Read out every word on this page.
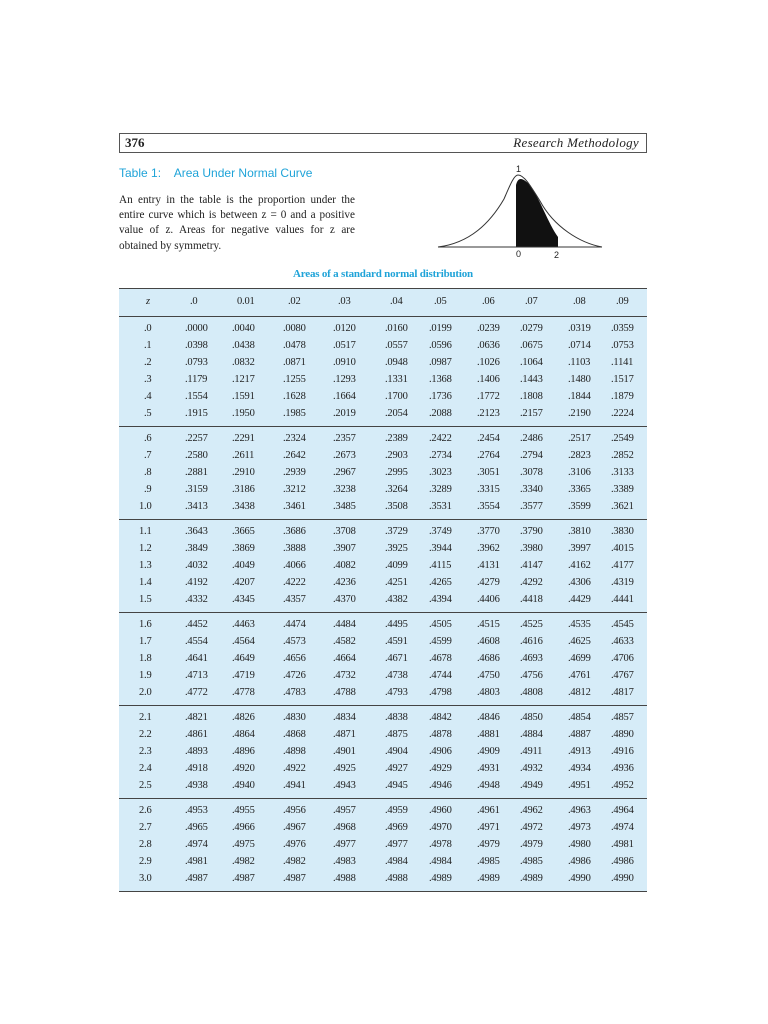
376	Research Methodology
Table 1: Area Under Normal Curve
An entry in the table is the proportion under the entire curve which is between z = 0 and a positive value of z. Areas for negative values for z are obtained by symmetry.
1
0	2
Areas of a standard normal distribution
z	.0	0.01	.02	.03	.04	.05	.06	.07	.08	.09
.0	.0000 .0040	.0080	.0120	.0160 .0199 .0239 .0279 .0319 .0359
.1	.0398 .0438	.0478	.0517	.0557 .0596 .0636 .0675 .0714 .0753
.2	.0793 .0832	.0871	.0910	.0948 .0987 .1026 .1064 .1103 .1141
.3	.1179 .1217	.1255	.1293	.1331 .1368 .1406 .1443 .1480 .1517
.4	.1554 .1591	.1628	.1664	.1700 .1736 .1772 .1808 .1844 .1879
.5	.1915 .1950	.1985	.2019	.2054 .2088 .2123 .2157 .2190 .2224
.6	.2257 .2291	.2324	.2357	.2389 .2422 .2454 .2486 .2517 .2549
.7	.2580 .2611	.2642	.2673	.2903 .2734 .2764 .2794 .2823 .2852
.8	.2881 .2910	.2939	.2967	.2995 .3023 .3051 .3078 .3106 .3133
.9	.3159 .3186	.3212	.3238	.3264 .3289 .3315 .3340 .3365 .3389
1.0	.3413 .3438	.3461	.3485	.3508 .3531 .3554 .3577 .3599 .3621
1.1	.3643 .3665	.3686	.3708	.3729 .3749 .3770 .3790 .3810 .3830
1.2	.3849 .3869	.3888	.3907	.3925 .3944 .3962 .3980 .3997 .4015
1.3	.4032 .4049	.4066	.4082	.4099 .4115 .4131 .4147 .4162 .4177
1.4	.4192 .4207	.4222	.4236	.4251 .4265 .4279 .4292 .4306 .4319
1.5	.4332 .4345	.4357	.4370	.4382 .4394 .4406 .4418 .4429 .4441
1.6	.4452 .4463	.4474	.4484	.4495 .4505 .4515 .4525 .4535 .4545
1.7	.4554 .4564	.4573	.4582	.4591 .4599 .4608 .4616 .4625 .4633
1.8	.4641 .4649	.4656	.4664	.4671 .4678 .4686 .4693 .4699 .4706
1.9	.4713 .4719	.4726	.4732	.4738 .4744 .4750 .4756 .4761 .4767
2.0	.4772 .4778	.4783	.4788	.4793 .4798 .4803 .4808 .4812 .4817
2.1	.4821 .4826	.4830	.4834	.4838 .4842 .4846 .4850 .4854 .4857
2.2	.4861 .4864	.4868	.4871	.4875 .4878 .4881 .4884 .4887 .4890
2.3	.4893 .4896	.4898	.4901	.4904 .4906 .4909 .4911 .4913 .4916
2.4	.4918 .4920	.4922	.4925	.4927 .4929 .4931 .4932 .4934 .4936
2.5	.4938 .4940	.4941	.4943	.4945 .4946 .4948 .4949 .4951 .4952
2.6	.4953 .4955	.4956	.4957	.4959 .4960 .4961 .4962 .4963 .4964
2.7	.4965 .4966	.4967	.4968	.4969 .4970 .4971 .4972 .4973 .4974
2.8	.4974 .4975	.4976	.4977	.4977 .4978 .4979 .4979 .4980 .4981
2.9	.4981 .4982	.4982	.4983	.4984 .4984 .4985 .4985 .4986 .4986
3.0	.4987 .4987	.4987	.4988	.4988 .4989 .4989 .4989 .4990 .4990
